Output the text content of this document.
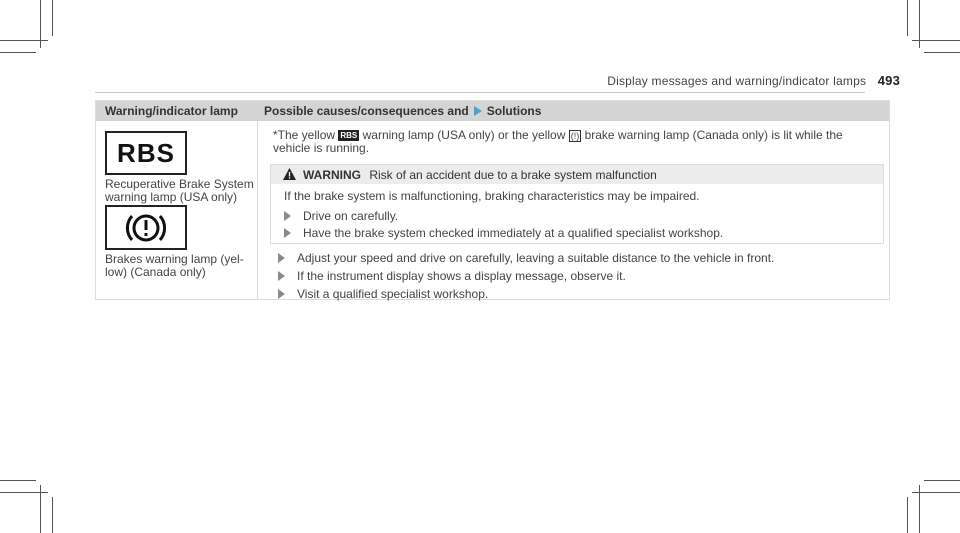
Display messages and warning/indicator lamps 493
Warning/indicator lamp Possible causes/consequences and Solutions
RBS
Recuperative Brake System warning lamp (USA only)
Brakes warning lamp (yel-low) (Canada only)
*The yellow RBS warning lamp (USA only) or the yellow (!) brake warning lamp (Canada only) is lit while the vehicle is running.
WARNING Risk of an accident due to a brake system malfunction
If the brake system is malfunctioning, braking characteristics may be impaired.
Drive on carefully.
Have the brake system checked immediately at a qualified specialist workshop.
Adjust your speed and drive on carefully, leaving a suitable distance to the vehicle in front.
If the instrument display shows a display message, observe it.
Visit a qualified specialist workshop.
